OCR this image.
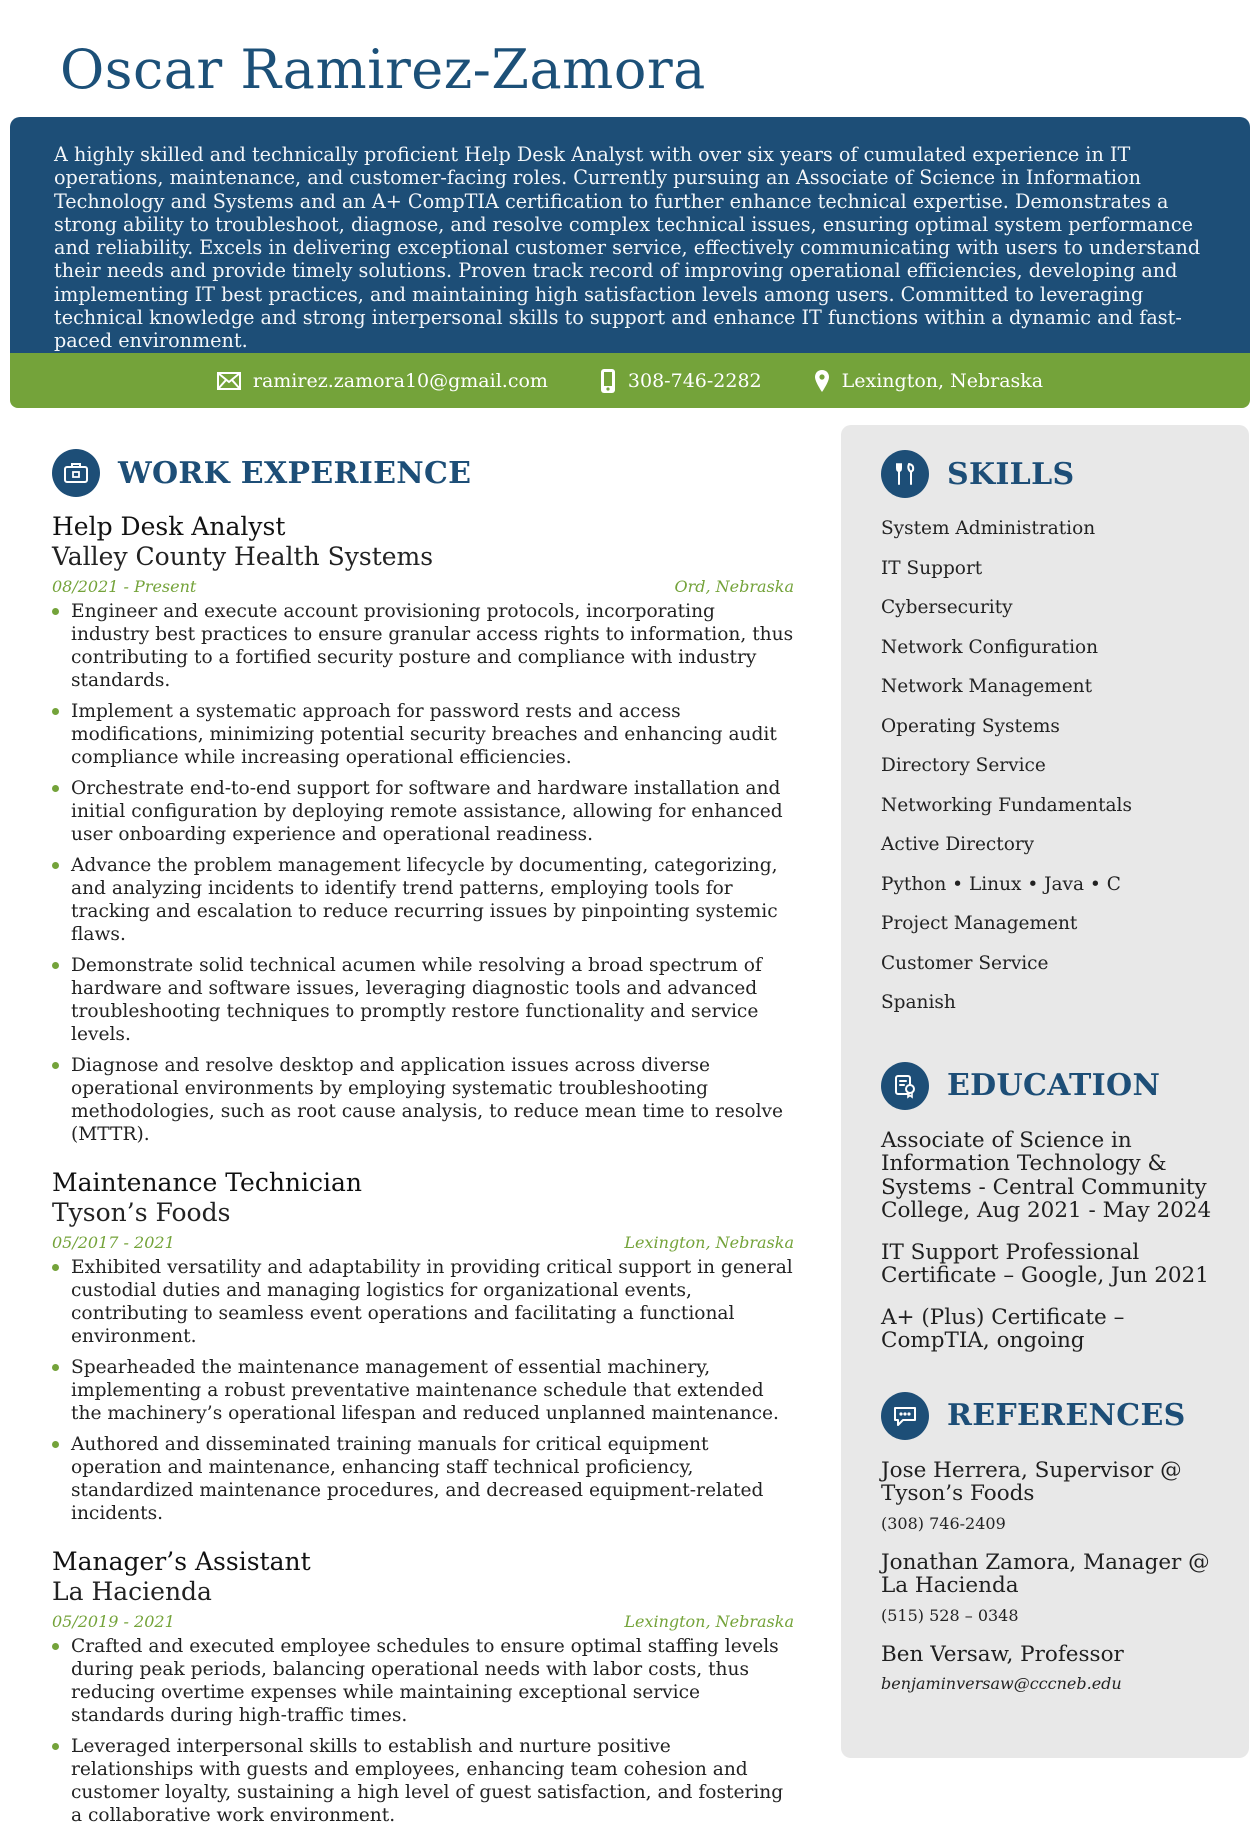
Oscar Ramirez-Zamora

A highly skilled and technically proficient Help Desk Analyst with over six years of cumulated experience in IT operations, maintenance, and customer-facing roles. Currently pursuing an Associate of Science in Information Technology and Systems and an A+ CompTIA certification to further enhance technical expertise. Demonstrates a strong ability to troubleshoot, diagnose, and resolve complex technical issues, ensuring optimal system performance and reliability. Excels in delivering exceptional customer service, effectively communicating with users to understand their needs and provide timely solutions. Proven track record of improving operational efficiencies, developing and implementing IT best practices, and maintaining high satisfaction levels among users. Committed to leveraging technical knowledge and strong interpersonal skills to support and enhance IT functions within a dynamic and fast-paced environment.

ramirez.zamora10@gmail.com	308-746-2282	Lexington, Nebraska
WORK EXPERIENCE
Help Desk Analyst
Valley County Health Systems
08/2021 - Present	Ord, Nebraska
Engineer and execute account provisioning protocols, incorporating industry best practices to ensure granular access rights to information, thus contributing to a fortified security posture and compliance with industry standards.
Implement a systematic approach for password rests and access modifications, minimizing potential security breaches and enhancing audit compliance while increasing operational efficiencies.
Orchestrate end-to-end support for software and hardware installation and initial configuration by deploying remote assistance, allowing for enhanced user onboarding experience and operational readiness.
Advance the problem management lifecycle by documenting, categorizing, and analyzing incidents to identify trend patterns, employing tools for tracking and escalation to reduce recurring issues by pinpointing systemic flaws.
Demonstrate solid technical acumen while resolving a broad spectrum of hardware and software issues, leveraging diagnostic tools and advanced troubleshooting techniques to promptly restore functionality and service levels.
Diagnose and resolve desktop and application issues across diverse operational environments by employing systematic troubleshooting methodologies, such as root cause analysis, to reduce mean time to resolve (MTTR).
Maintenance Technician
Tyson’s Foods
05/2017 - 2021	Lexington, Nebraska
Exhibited versatility and adaptability in providing critical support in general custodial duties and managing logistics for organizational events, contributing to seamless event operations and facilitating a functional environment.
Spearheaded the maintenance management of essential machinery, implementing a robust preventative maintenance schedule that extended the machinery’s operational lifespan and reduced unplanned maintenance.
Authored and disseminated training manuals for critical equipment operation and maintenance, enhancing staff technical proficiency, standardized maintenance procedures, and decreased equipment-related incidents.
Manager’s Assistant
La Hacienda
05/2019 - 2021	Lexington, Nebraska
Crafted and executed employee schedules to ensure optimal staffing levels during peak periods, balancing operational needs with labor costs, thus reducing overtime expenses while maintaining exceptional service standards during high-traffic times.
Leveraged interpersonal skills to establish and nurture positive relationships with guests and employees, enhancing team cohesion and customer loyalty, sustaining a high level of guest satisfaction, and fostering a collaborative work environment.
SKILLS
System Administration
IT Support
Cybersecurity
Network Configuration
Network Management
Operating Systems
Directory Service
Networking Fundamentals
Active Directory
Python • Linux • Java • C
Project Management
Customer Service
Spanish
EDUCATION
Associate of Science in Information Technology & Systems - Central Community College, Aug 2021 - May 2024
IT Support Professional Certificate – Google, Jun 2021
A+ (Plus) Certificate – CompTIA, ongoing
REFERENCES
Jose Herrera, Supervisor @ Tyson’s Foods
(308) 746-2409
Jonathan Zamora, Manager @ La Hacienda
(515) 528 – 0348
Ben Versaw, Professor
benjaminversaw@cccneb.edu
